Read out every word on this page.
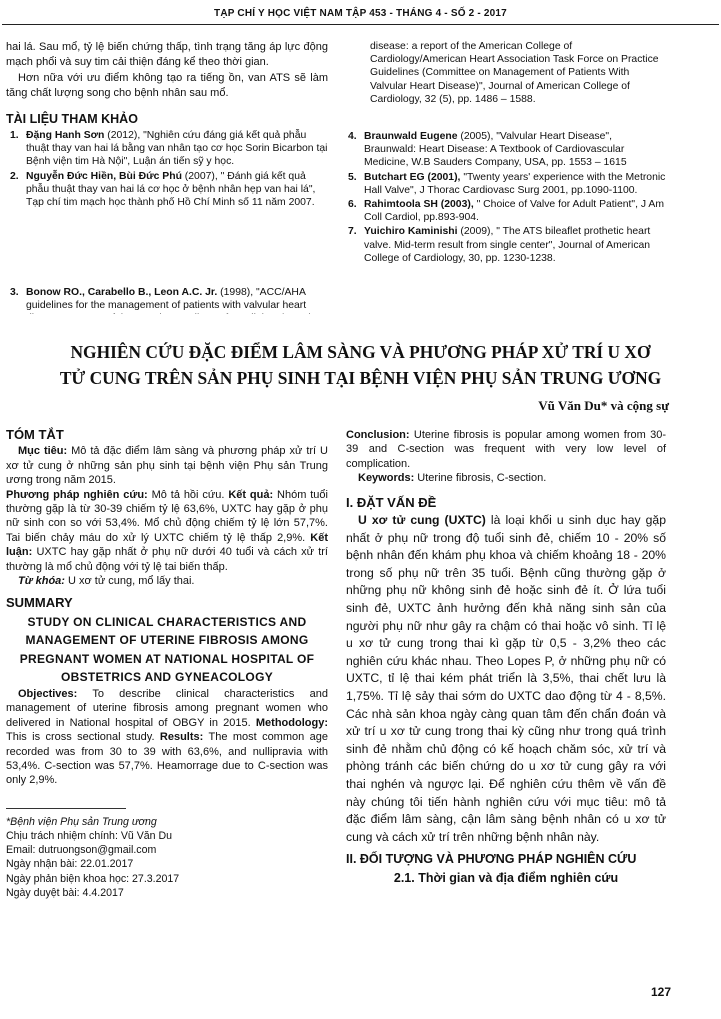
TẠP CHÍ Y HỌC VIỆT NAM TẬP 453 - THÁNG 4 - SỐ 2 - 2017

hai lá. Sau mổ, tỷ lệ biến chứng thấp, tình trạng tăng áp lực động mạch phổi và suy tim cải thiện đáng kể theo thời gian.

Hơn nữa với ưu điểm không tạo ra tiếng ồn, van ATS sẽ làm tăng chất lượng song cho bệnh nhân sau mổ.

TÀI LIỆU THAM KHẢO
1. Đặng Hanh Sơn (2012), "Nghiên cứu đáng giá kết quả phẫu thuật thay van hai lá bằng van nhân tạo cơ học Sorin Bicarbon tại Bệnh viện tim Hà Nội", Luận án tiến sỹ y học.
2. Nguyễn Đức Hiền, Bùi Đức Phú (2007), " Đánh giá kết quả phẫu thuật thay van hai lá cơ học ở bệnh nhân hẹp van hai lá", Tạp chí tim mạch học thành phố Hồ Chí Minh số 11 năm 2007.
3. Bonow RO., Carabello B., Leon A.C. Jr. (1998), "ACC/AHA guidelines for the management of patients with valvular heart
disease: a report of the American College of Cardiology/American Heart Association Task Force on Practice Guidelines (Committee on Management of Patients With Valvular Heart Disease)", Journal of American College of Cardiology, 32 (5), pp. 1486 – 1588.
4. Braunwald Eugene (2005), "Valvular Heart Disease", Braunwald: Heart Disease: A Textbook of Cardiovascular Medicine, W.B Sauders Company, USA, pp. 1553 – 1615
5. Butchart EG (2001), "Twenty years' experience with the Metronic Hall Valve", J Thorac Cardiovasc Surg 2001, pp.1090-1100.
6. Rahimtoola SH (2003), " Choice of Valve for Adult Patient", J Am Coll Cardiol, pp.893-904.
7. Yuichiro Kaminishi (2009), " The ATS bileaflet prothetic heart valve. Mid-term result from single center", Journal of American College of Cardiology, 30, pp. 1230-1238.
NGHIÊN CỨU ĐẶC ĐIỂM LÂM SÀNG VÀ PHƯƠNG PHÁP XỬ TRÍ U XƠ
TỬ CUNG TRÊN SẢN PHỤ SINH TẠI BỆNH VIỆN PHỤ SẢN TRUNG ƯƠNG
Vũ Văn Du* và cộng sự
TÓM TẮT

Mục tiêu: Mô tả đặc điểm lâm sàng và phương pháp xử trí U xơ tử cung ở những sản phụ sinh tại bệnh viện Phụ sản Trung ương trong năm 2015.

Phương pháp nghiên cứu: Mô tả hồi cứu. Kết quả: Nhóm tuổi thường gặp là từ 30-39 chiếm tỷ lệ 63,6%, UXTC hay gặp ở phụ nữ sinh con so với 53,4%. Mổ chủ động chiếm tỷ lệ lớn 57,7%. Tai biến chảy máu do xử lý UXTC chiếm tỷ lệ thấp 2,9%. Kết luận: UXTC hay gặp nhất ở phụ nữ dưới 40 tuổi và cách xử trí thường là mổ chủ động với tỷ lệ tai biến thấp.

Từ khóa: U xơ tử cung, mổ lấy thai.

SUMMARY
STUDY ON CLINICAL CHARACTERISTICS AND MANAGEMENT OF UTERINE FIBROSIS AMONG PREGNANT WOMEN AT NATIONAL HOSPITAL OF OBSTETRICS AND GYNEACOLOGY

Objectives: To describe clinical characteristics and management of uterine fibrosis among pregnant women who delivered in National hospital of OBGY in 2015. Methodology: This is cross sectional study. Results: The most common age recorded was from 30 to 39 with 63,6%, and nullipravia with 53,4%. C-section was 57,7%. Heamorrage due to C-section was only 2,9%.

*Bệnh viện Phụ sản Trung ương
Chịu trách nhiệm chính: Vũ Văn Du
Email: dutruongson@gmail.com
Ngày nhận bài: 22.01.2017
Ngày phản biện khoa học: 27.3.2017
Ngày duyệt bài: 4.4.2017

Conclusion: Uterine fibrosis is popular among women from 30-39 and C-section was frequent with very low level of complication.

Keywords: Uterine fibrosis, C-section.

I. ĐẶT VẤN ĐỀ

U xơ tử cung (UXTC) là loại khối u sinh dục hay gặp nhất ở phụ nữ trong độ tuổi sinh đẻ, chiếm 10 - 20% số bệnh nhân đến khám phụ khoa và chiếm khoảng 18 - 20% trong số phụ nữ trên 35 tuổi. Bệnh cũng thường gặp ở những phụ nữ không sinh đẻ hoặc sinh đẻ ít. Ở lứa tuổi sinh đẻ, UXTC ảnh hưởng đến khả năng sinh sản của người phụ nữ như gây ra chậm có thai hoặc vô sinh. Tỉ lệ u xơ tử cung trong thai kì gặp từ 0,5 - 3,2% theo các nghiên cứu khác nhau. Theo Lopes P, ở những phụ nữ có UXTC, tỉ lệ thai kém phát triển là 3,5%, thai chết lưu là 1,75%. Tỉ lệ sảy thai sớm do UXTC dao động từ 4 - 8,5%. Các nhà sản khoa ngày càng quan tâm đến chẩn đoán và xử trí u xơ tử cung trong thai kỳ cũng như trong quá trình sinh đẻ nhằm chủ động có kế hoạch chăm sóc, xử trí và phòng tránh các biến chứng do u xơ tử cung gây ra với thai nghén và ngược lại. Để nghiên cứu thêm về vấn đề này chúng tôi tiến hành nghiên cứu với mục tiêu: mô tả đặc điểm lâm sàng, cận lâm sàng bệnh nhân có u xơ tử cung và cách xử trí trên những bệnh nhân này.

II. ĐỐI TƯỢNG VÀ PHƯƠNG PHÁP NGHIÊN CỨU
2.1. Thời gian và địa điểm nghiên cứu
127
